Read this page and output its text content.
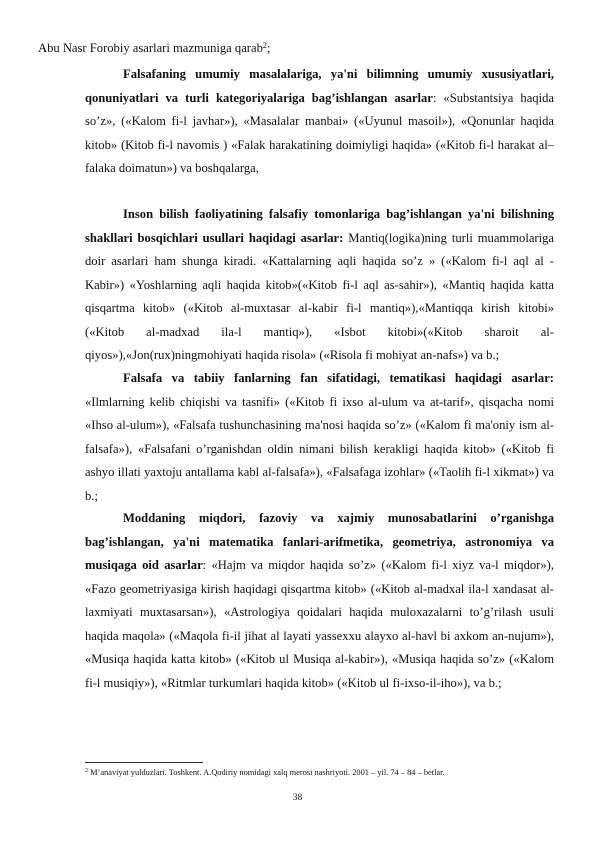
Abu Nasr Forobiy asarlari mazmuniga qarab$^2$;

Falsafaning umumiy masalalariga, ya'ni bilimning umumiy xususiyatlari, qonuniyatlari va turli kategoriyalariga bag’ishlangan asarlar: «Substantsiya haqida so’z», («Kalom fi-l javhar»), «Masalalar manbai» («Uyunul masoil»), «Qonunlar haqida kitob» (Kitob fi-l navomis ) «Falak harakatining doimiyligi haqida» («Kitob fi-l harakat al–falaka doimatun») va boshqalarga,

Inson bilish faoliyatining falsafiy tomonlariga bag’ishlangan ya'ni bilishning shakllari bosqichlari usullari haqidagi asarlar: Mantiq(logika)ning turli muammolariga doir asarlari ham shunga kiradi. «Kattalarning aqli haqida so’z » («Kalom fi-l aql al - Kabir») «Yoshlarning aqli haqida kitob»(«Kitob fi-l aql as-sahir»), «Mantiq haqida katta qisqartma kitob» («Kitob al-muxtasar al-kabir fi-l mantiq»),«Mantiqqa kirish kitobi» («Kitob al-madxad ila-l mantiq»), «Isbot kitobi»(«Kitob sharoit al-qiyos»),«Jon(rux)ningmohiyati haqida risola» («Risola fi mohiyat an-nafs») va b.;

Falsafa va tabiiy fanlarning fan sifatidagi, tematikasi haqidagi asarlar: «Ilmlarning kelib chiqishi va tasnifi» («Kitob fi ixso al-ulum va at-tarif», qisqacha nomi «Ihso al-ulum»), «Falsafa tushunchasining ma'nosi haqida so’z» («Kalom fi ma'oniy ism al-falsafa»), «Falsafani o’rganishdan oldin nimani bilish kerakligi haqida kitob» («Kitob fi ashyo illati yaxtoju antallama kabl al-falsafa»), «Falsafaga izohlar» («Taolih fi-l xikmat») va b.;

Moddaning miqdori, fazoviy va xajmiy munosabatlarini o’rganishga bag’ishlangan, ya'ni matematika fanlari-arifmetika, geometriya, astronomiya va musiqaga oid asarlar: «Hajm va miqdor haqida so’z» («Kalom fi-l xiyz va-l miqdor»), «Fazo geometriyasiga kirish haqidagi qisqartma kitob» («Kitob al-madxal ila-l xandasat al-laxmiyati muxtasarsan»), «Astrologiya qoidalari haqida muloxazalarni to’g’rilash usuli haqida maqola» («Maqola fi-il jihat al layati yassexxu alayxo al-havl bi axkom an-nujum»), «Musiqa haqida katta kitob» («Kitob ul Musiqa al-kabir»), «Musiqa haqida so’z» («Kalom fi-l musiqiy»), «Ritmlar turkumlari haqida kitob» («Kitob ul fi-ixso-il-iho»), va b.;

$^2$ M’anaviyat yulduzlari. Toshkent. A.Qodiriy nomidagi xalq merosi nashriyoti. 2001 – yil. 74 – 84 – betlar.
38
